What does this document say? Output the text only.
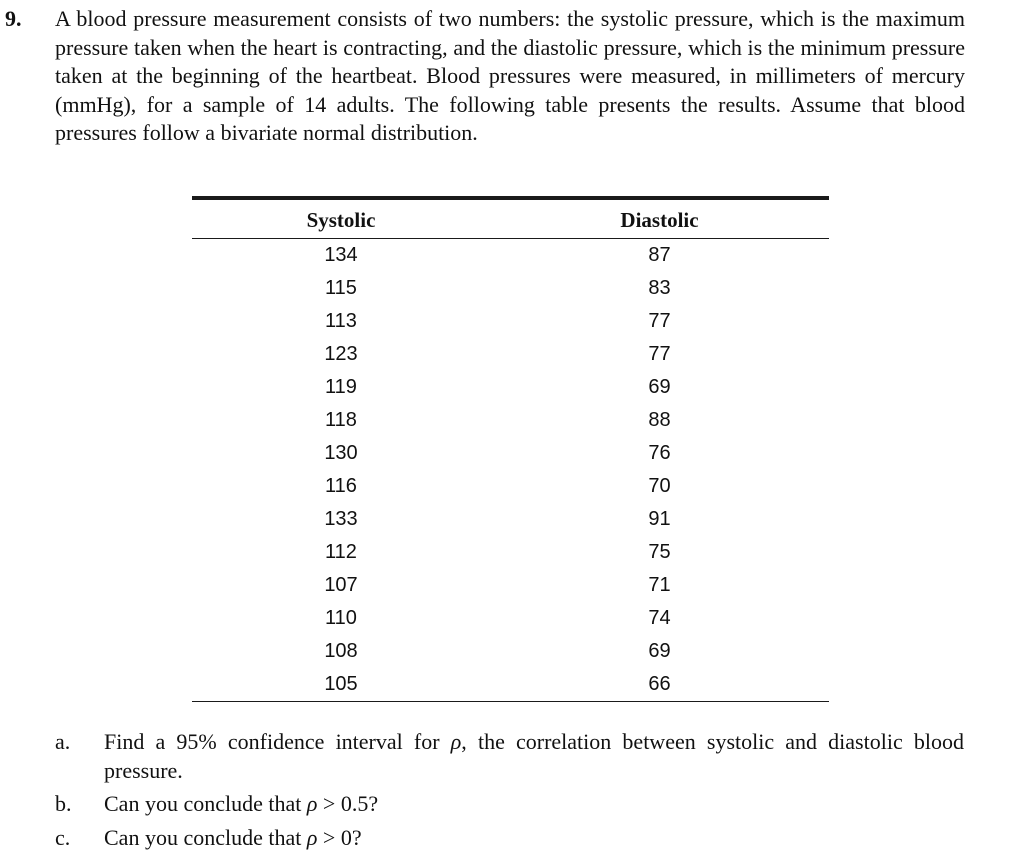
9. A blood pressure measurement consists of two numbers: the systolic pressure, which is the maximum pressure taken when the heart is contracting, and the diastolic pressure, which is the minimum pressure taken at the beginning of the heartbeat. Blood pressures were measured, in millimeters of mercury (mmHg), for a sample of 14 adults. The following table presents the results. Assume that blood pressures follow a bivariate normal distribution.

Systolic	Diastolic
134	87
115	83
113	77
123	77
119	69
118	88
130	76
116	70
133	91
112	75
107	71
110	74
108	69
105	66
a. Find a 95% confidence interval for ρ, the correlation between systolic and diastolic blood pressure.
b. Can you conclude that ρ > 0.5?
c. Can you conclude that ρ > 0?
